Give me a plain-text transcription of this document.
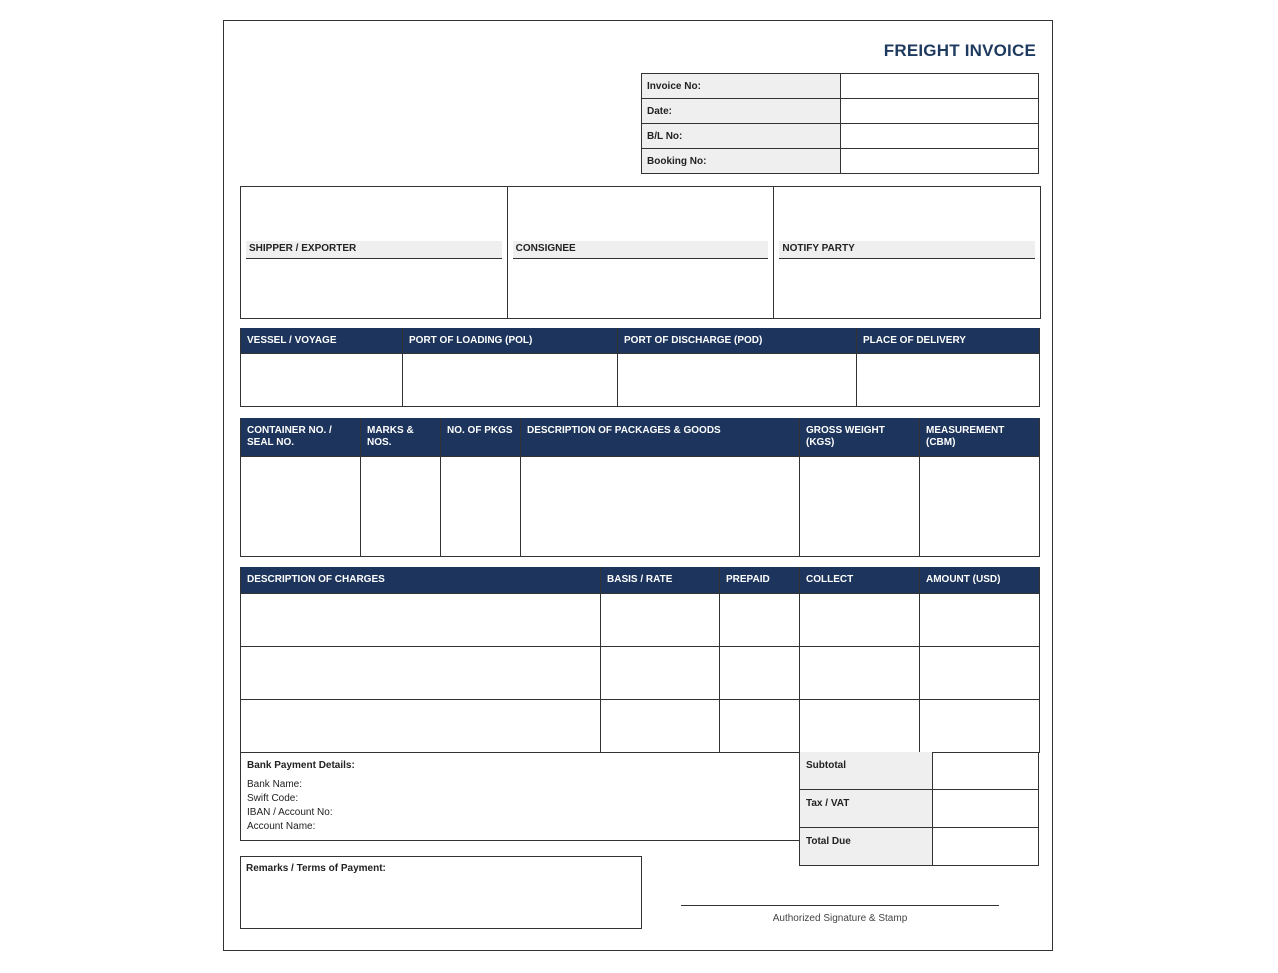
FREIGHT INVOICE
Invoice No:	
Date:	
B/L No:	
Booking No:	
SHIPPER / EXPORTER	CONSIGNEE	NOTIFY PARTY
VESSEL / VOYAGE	PORT OF LOADING (POL)	PORT OF DISCHARGE (POD)	PLACE OF DELIVERY

CONTAINER NO. / SEAL NO.	MARKS & NOS.	NO. OF PKGS	DESCRIPTION OF PACKAGES & GOODS	GROSS WEIGHT (KGS)	MEASUREMENT (CBM)

DESCRIPTION OF CHARGES	BASIS / RATE	PREPAID	COLLECT	AMOUNT (USD)

Bank Payment Details:
Bank Name:
Swift Code:
IBAN / Account No:
Account Name:
Subtotal	
Tax / VAT	
Total Due	
Remarks / Terms of Payment:
Authorized Signature & Stamp
